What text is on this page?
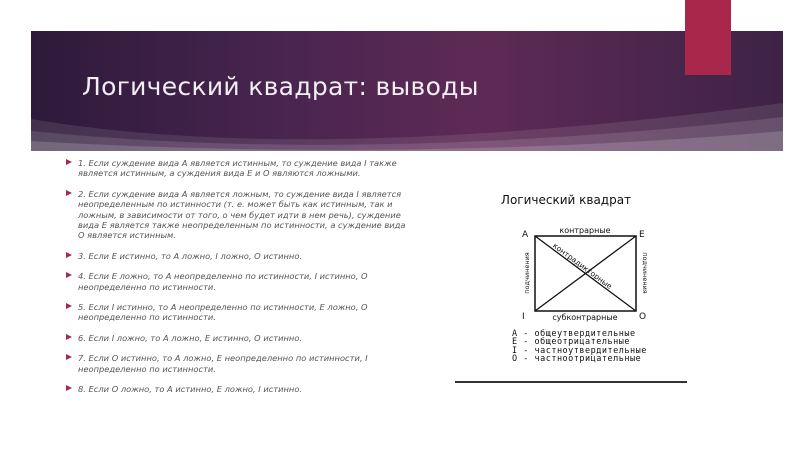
Логический квадрат: выводы
1. Если суждение вида А является истинным, то суждение вида I также является истинным, а суждения вида Е и О являются ложными.
2. Если суждение вида А является ложным, то суждение вида I является неопределенным по истинности (т. е. может быть как истинным, так и ложным, в зависимости от того, о чем будет идти в нем речь), суждение вида Е является также неопределенным по истинности, а суждение вида О является истинным.
3. Если Е истинно, то А ложно, I ложно, О истинно.
4. Если Е ложно, то А неопределенно по истинности, I истинно, О неопределенно по истинности.
5. Если I истинно, то А неопределенно по истинности, Е ложно, О неопределенно по истинности.
6. Если I ложно, то А ложно, Е истинно, О истинно.
7. Если О истинно, то А ложно, Е неопределенно по истинности, I неопределенно по истинности.
8. Если О ложно, то А истинно, Е ложно, I истинно.
Логический квадрат
A	E
I	O
контрарные
субконтрарные
подчинения	подчинения
контрадикторные
А - общеутвердительные
Е - общеотрицательные
I - частноутвердительные
О - частноотрицательные
